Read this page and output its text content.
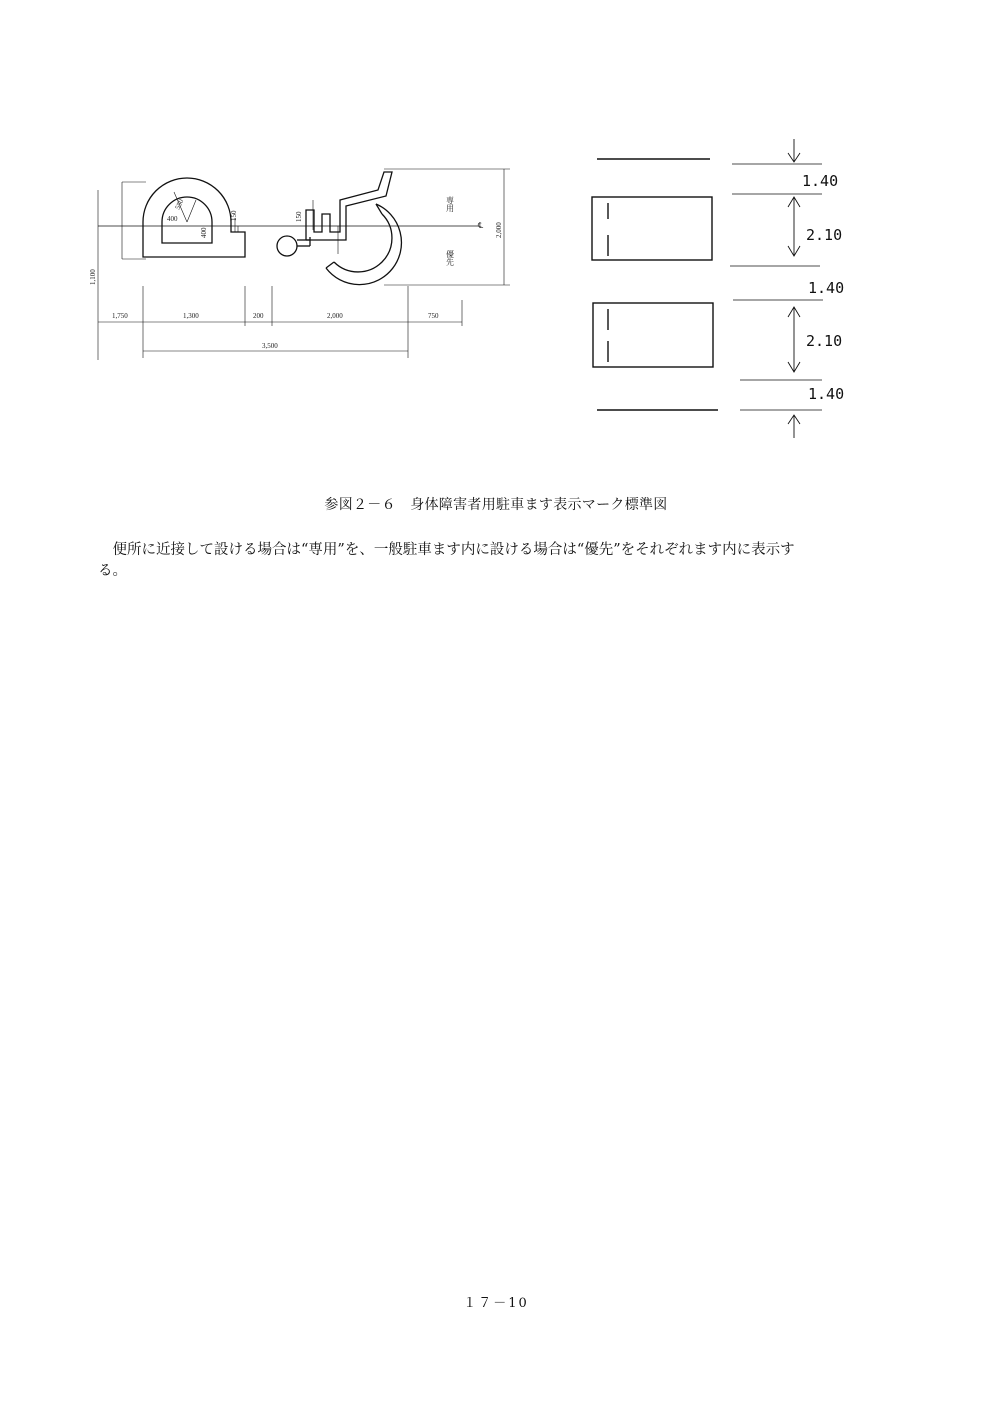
1,750	1,300	200	2,000	750
3,500
1,100
2,000
150	150
400
400
550	専用
優先
℄
1.40
2.10
1.40
2.10
1.40
参図２－６　身体障害者用駐車ます表示マーク標準図

　便所に近接して設ける場合は“専用”を、一般駐車ます内に設ける場合は“優先”をそれぞれます内に表示する。

１７－10
